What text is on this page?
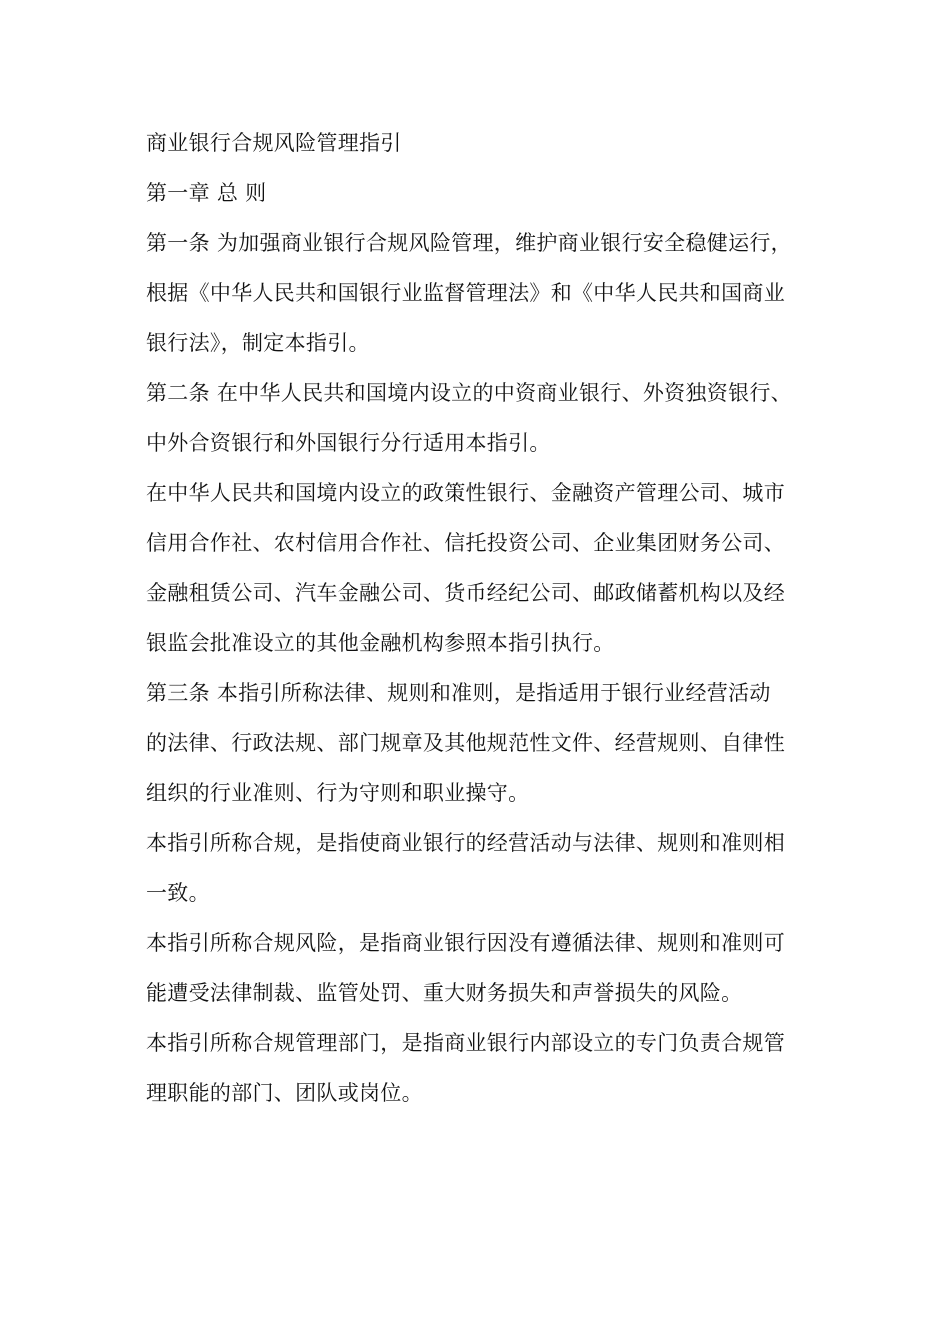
商业银行合规风险管理指引
第一章 总 则
第一条 为加强商业银行合规风险管理，维护商业银行安全稳健运行，
根据《中华人民共和国银行业监督管理法》和《中华人民共和国商业
银行法》，制定本指引。
第二条 在中华人民共和国境内设立的中资商业银行、外资独资银行、
中外合资银行和外国银行分行适用本指引。
在中华人民共和国境内设立的政策性银行、金融资产管理公司、城市
信用合作社、农村信用合作社、信托投资公司、企业集团财务公司、
金融租赁公司、汽车金融公司、货币经纪公司、邮政储蓄机构以及经
银监会批准设立的其他金融机构参照本指引执行。
第三条 本指引所称法律、规则和准则，是指适用于银行业经营活动
的法律、行政法规、部门规章及其他规范性文件、经营规则、自律性
组织的行业准则、行为守则和职业操守。
本指引所称合规，是指使商业银行的经营活动与法律、规则和准则相
一致。
本指引所称合规风险，是指商业银行因没有遵循法律、规则和准则可
能遭受法律制裁、监管处罚、重大财务损失和声誉损失的风险。
本指引所称合规管理部门，是指商业银行内部设立的专门负责合规管
理职能的部门、团队或岗位。
